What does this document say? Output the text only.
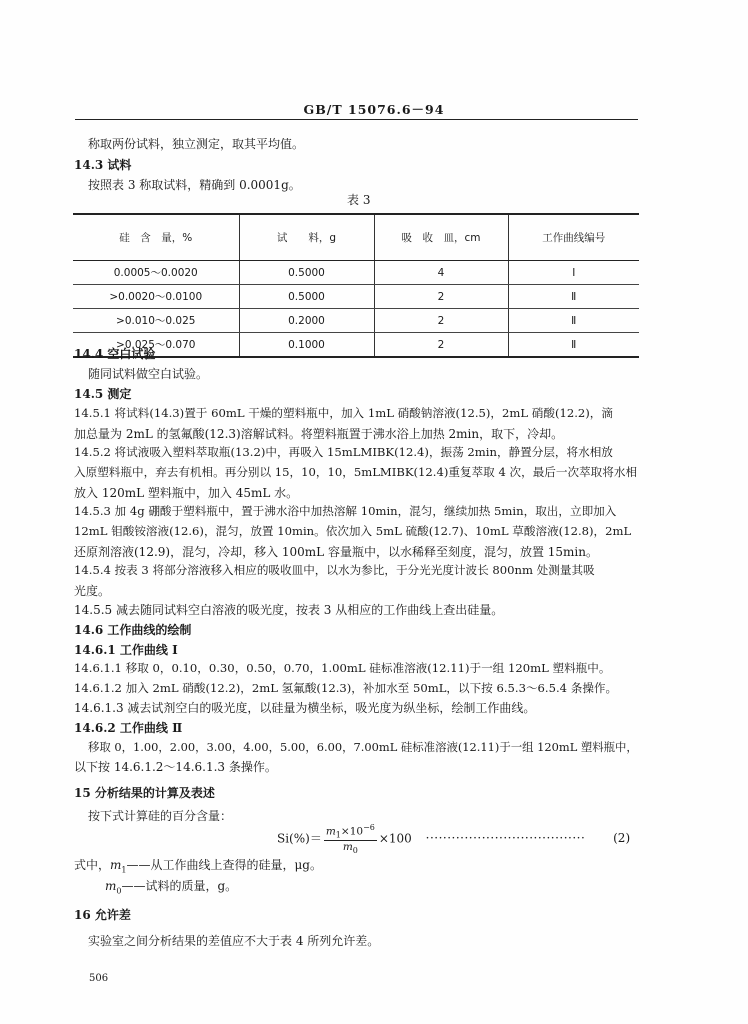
GB/T 15076.6－94
称取两份试料，独立测定，取其平均值。
14.3 试料
按照表 3 称取试料，精确到 0.0001g。
表 3
硅　含　量，%	试　　料，g	吸　收　皿，cm	工作曲线编号
0.0005～0.0020	0.5000	4	Ⅰ
>0.0020～0.0100	0.5000	2	Ⅱ
>0.010～0.025	0.2000	2	Ⅱ
>0.025～0.070	0.1000	2	Ⅱ
14.4 空白试验
随同试料做空白试验。
14.5 测定
14.5.1 将试料(14.3)置于 60mL 干燥的塑料瓶中，加入 1mL 硝酸钠溶液(12.5)，2mL 硝酸(12.2)，滴
加总量为 2mL 的氢氟酸(12.3)溶解试料。将塑料瓶置于沸水浴上加热 2min，取下，冷却。
14.5.2 将试液吸入塑料萃取瓶(13.2)中，再吸入 15mLMIBK(12.4)，振荡 2min，静置分层，将水相放
入原塑料瓶中，弃去有机相。再分别以 15，10，10，5mLMIBK(12.4)重复萃取 4 次，最后一次萃取将水相
放入 120mL 塑料瓶中，加入 45mL 水。
14.5.3 加 4g 硼酸于塑料瓶中，置于沸水浴中加热溶解 10min，混匀，继续加热 5min，取出，立即加入
12mL 钼酸铵溶液(12.6)，混匀，放置 10min。依次加入 5mL 硫酸(12.7)、10mL 草酸溶液(12.8)，2mL
还原剂溶液(12.9)，混匀，冷却，移入 100mL 容量瓶中，以水稀释至刻度，混匀，放置 15min。
14.5.4 按表 3 将部分溶液移入相应的吸收皿中，以水为参比，于分光光度计波长 800nm 处测量其吸
光度。
14.5.5 减去随同试料空白溶液的吸光度，按表 3 从相应的工作曲线上查出硅量。
14.6 工作曲线的绘制
14.6.1 工作曲线 I
14.6.1.1 移取 0，0.10，0.30，0.50，0.70，1.00mL 硅标准溶液(12.11)于一组 120mL 塑料瓶中。
14.6.1.2 加入 2mL 硝酸(12.2)，2mL 氢氟酸(12.3)，补加水至 50mL，以下按 6.5.3～6.5.4 条操作。
14.6.1.3 减去试剂空白的吸光度，以硅量为横坐标，吸光度为纵坐标，绘制工作曲线。
14.6.2 工作曲线 Ⅱ
移取 0，1.00，2.00，3.00，4.00，5.00，6.00，7.00mL 硅标准溶液(12.11)于一组 120mL 塑料瓶中，
以下按 14.6.1.2～14.6.1.3 条操作。
15 分析结果的计算及表述
按下式计算硅的百分含量：
$Si(\%)= \frac{m_1\times 10^{-6}}{m_0} \times 100$ ····································· (2)
式中，$m_1——$从工作曲线上查得的硅量，μg。
$m_0——$试料的质量，g。
16 允许差
实验室之间分析结果的差值应不大于表 4 所列允许差。
506
